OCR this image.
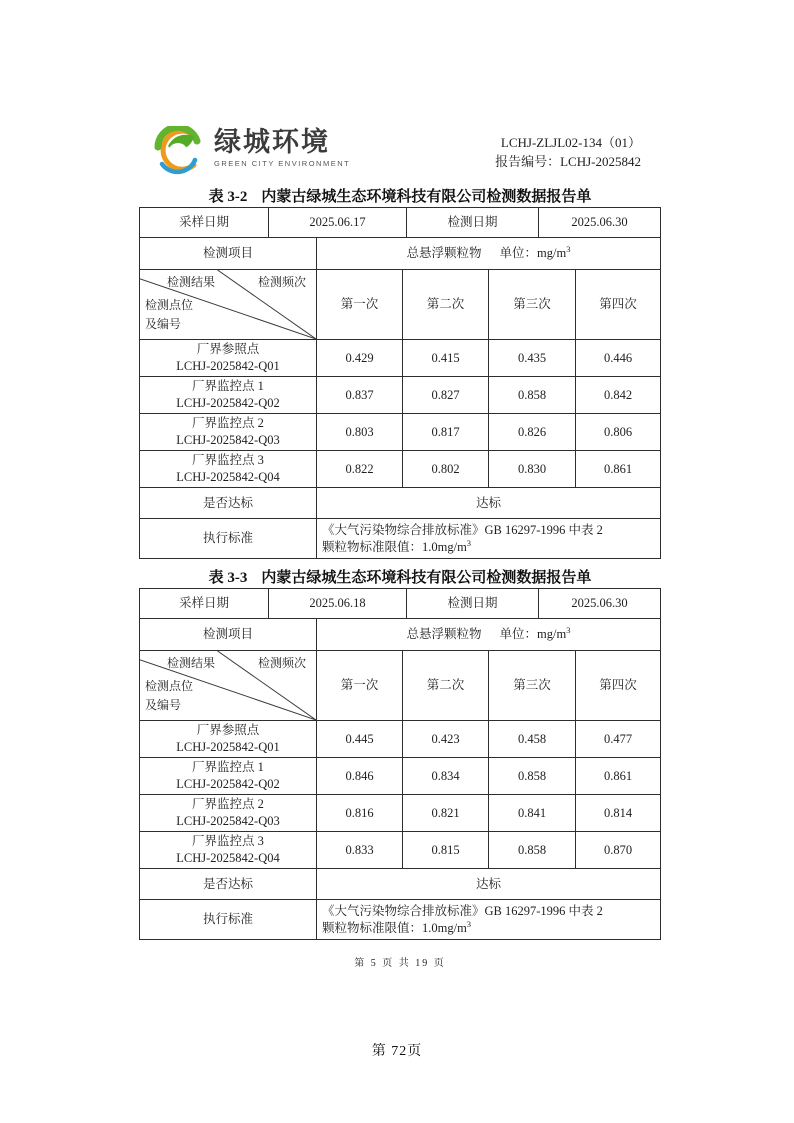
绿城环境
GREEN CITY ENVIRONMENT
LCHJ-ZLJL02-134（01）
报告编号：LCHJ-2025842
表 3-2 内蒙古绿城生态环境科技有限公司检测数据报告单
采样日期	2025.06.17	检测日期	2025.06.30
检测项目	总悬浮颗粒物 单位：$mg/m^3$
检测结果	检测频次
检测点位
及编号
第一次	第二次	第三次	第四次
厂界参照点
LCHJ-2025842-Q01
0.429	0.415	0.435	0.446
厂界监控点 1
LCHJ-2025842-Q02
0.837	0.827	0.858	0.842
厂界监控点 2
LCHJ-2025842-Q03
0.803	0.817	0.826	0.806
厂界监控点 3
LCHJ-2025842-Q04
0.822	0.802	0.830	0.861
是否达标	达标
执行标准
《大气污染物综合排放标准》GB 16297-1996 中表 2
颗粒物标准限值：$1.0mg/m^3$
表 3-3 内蒙古绿城生态环境科技有限公司检测数据报告单
采样日期	2025.06.18	检测日期	2025.06.30
检测项目	总悬浮颗粒物 单位：$mg/m^3$
检测结果	检测频次
检测点位
及编号
第一次	第二次	第三次	第四次
厂界参照点
LCHJ-2025842-Q01
0.445	0.423	0.458	0.477
厂界监控点 1
LCHJ-2025842-Q02
0.846	0.834	0.858	0.861
厂界监控点 2
LCHJ-2025842-Q03
0.816	0.821	0.841	0.814
厂界监控点 3
LCHJ-2025842-Q04
0.833	0.815	0.858	0.870
是否达标	达标
执行标准
《大气污染物综合排放标准》GB 16297-1996 中表 2
颗粒物标准限值：$1.0mg/m^3$
第 5 页 共 19 页
第 72页
